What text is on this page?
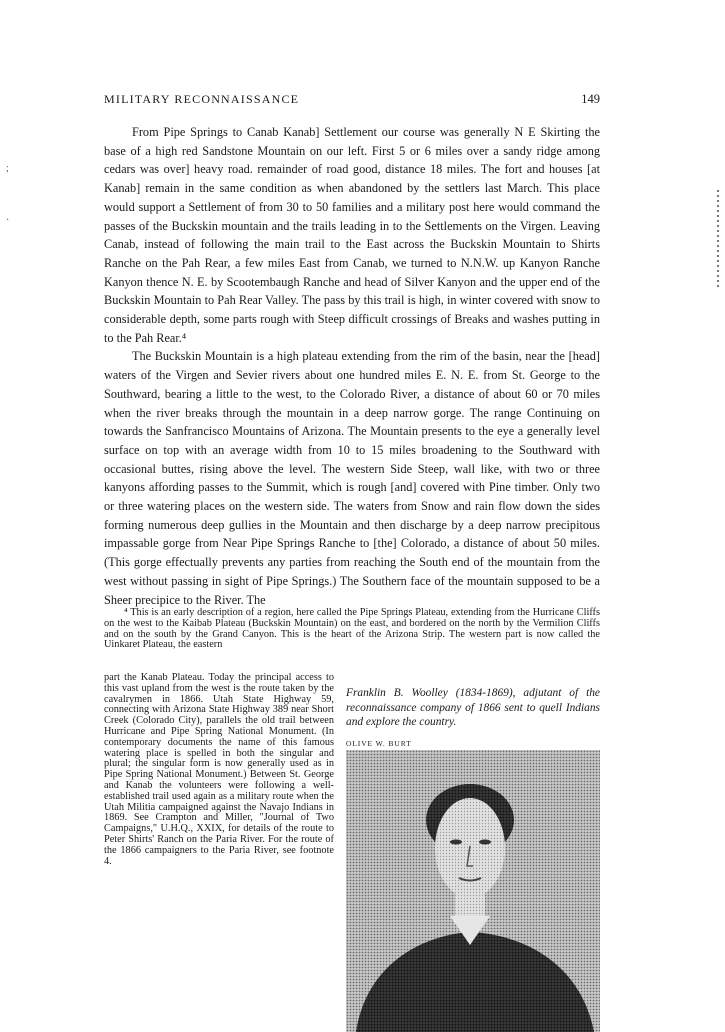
MILITARY RECONNAISSANCE	149
;
·

From Pipe Springs to Canab Kanab] Settlement our course was generally N E Skirting the base of a high red Sandstone Mountain on our left. First 5 or 6 miles over a sandy ridge among cedars was over] heavy road. remainder of road good, distance 18 miles. The fort and houses [at Kanab] remain in the same condition as when abandoned by the settlers last March. This place would support a Settlement of from 30 to 50 families and a military post here would command the passes of the Buckskin mountain and the trails leading in to the Settlements on the Virgen. Leaving Canab, instead of following the main trail to the East across the Buckskin Mountain to Shirts Ranche on the Pah Rear, a few miles East from Canab, we turned to N.N.W. up Kanyon Ranche Kanyon thence N. E. by Scootembaugh Ranche and head of Silver Kanyon and the upper end of the Buckskin Mountain to Pah Rear Valley. The pass by this trail is high, in winter covered with snow to considerable depth, some parts rough with Steep difficult crossings of Breaks and washes putting in to the Pah Rear.⁴

The Buckskin Mountain is a high plateau extending from the rim of the basin, near the [head] waters of the Virgen and Sevier rivers about one hundred miles E. N. E. from St. George to the Southward, bearing a little to the west, to the Colorado River, a distance of about 60 or 70 miles when the river breaks through the mountain in a deep narrow gorge. The range Continuing on towards the Sanfrancisco Mountains of Arizona. The Mountain presents to the eye a generally level surface on top with an average width from 10 to 15 miles broadening to the Southward with occasional buttes, rising above the level. The western Side Steep, wall like, with two or three kanyons affording passes to the Summit, which is rough [and] covered with Pine timber. Only two or three watering places on the western side. The waters from Snow and rain flow down the sides forming numerous deep gullies in the Mountain and then discharge by a deep narrow precipitous impassable gorge from Near Pipe Springs Ranche to [the] Colorado, a distance of about 50 miles. (This gorge effectually prevents any parties from reaching the South end of the mountain from the west without passing in sight of Pipe Springs.) The Southern face of the mountain supposed to be a Sheer precipice to the River. The

⁴ This is an early description of a region, here called the Pipe Springs Plateau, extending from the Hurricane Cliffs on the west to the Kaibab Plateau (Buckskin Mountain) on the east, and bordered on the north by the Vermilion Cliffs and on the south by the Grand Canyon. This is the heart of the Arizona Strip. The western part is now called the Uinkaret Plateau, the eastern

part the Kanab Plateau. Today the principal access to this vast upland from the west is the route taken by the cavalrymen in 1866. Utah State Highway 59, connecting with Arizona State Highway 389 near Short Creek (Colorado City), parallels the old trail between Hurricane and Pipe Spring National Monument. (In contemporary documents the name of this famous watering place is spelled in both the singular and plural; the singular form is now generally used as in Pipe Spring National Monument.) Between St. George and Kanab the volunteers were following a well-established trail used again as a military route when the Utah Militia campaigned against the Navajo Indians in 1869. See Crampton and Miller, "Journal of Two Campaigns," U.H.Q., XXIX, for details of the route to Peter Shirts' Ranch on the Paria River. For the route of the 1866 campaigners to the Paria River, see footnote 4.
Franklin B. Woolley (1834-1869), adjutant of the reconnaissance company of 1866 sent to quell Indians and explore the country.
OLIVE W. BURT
